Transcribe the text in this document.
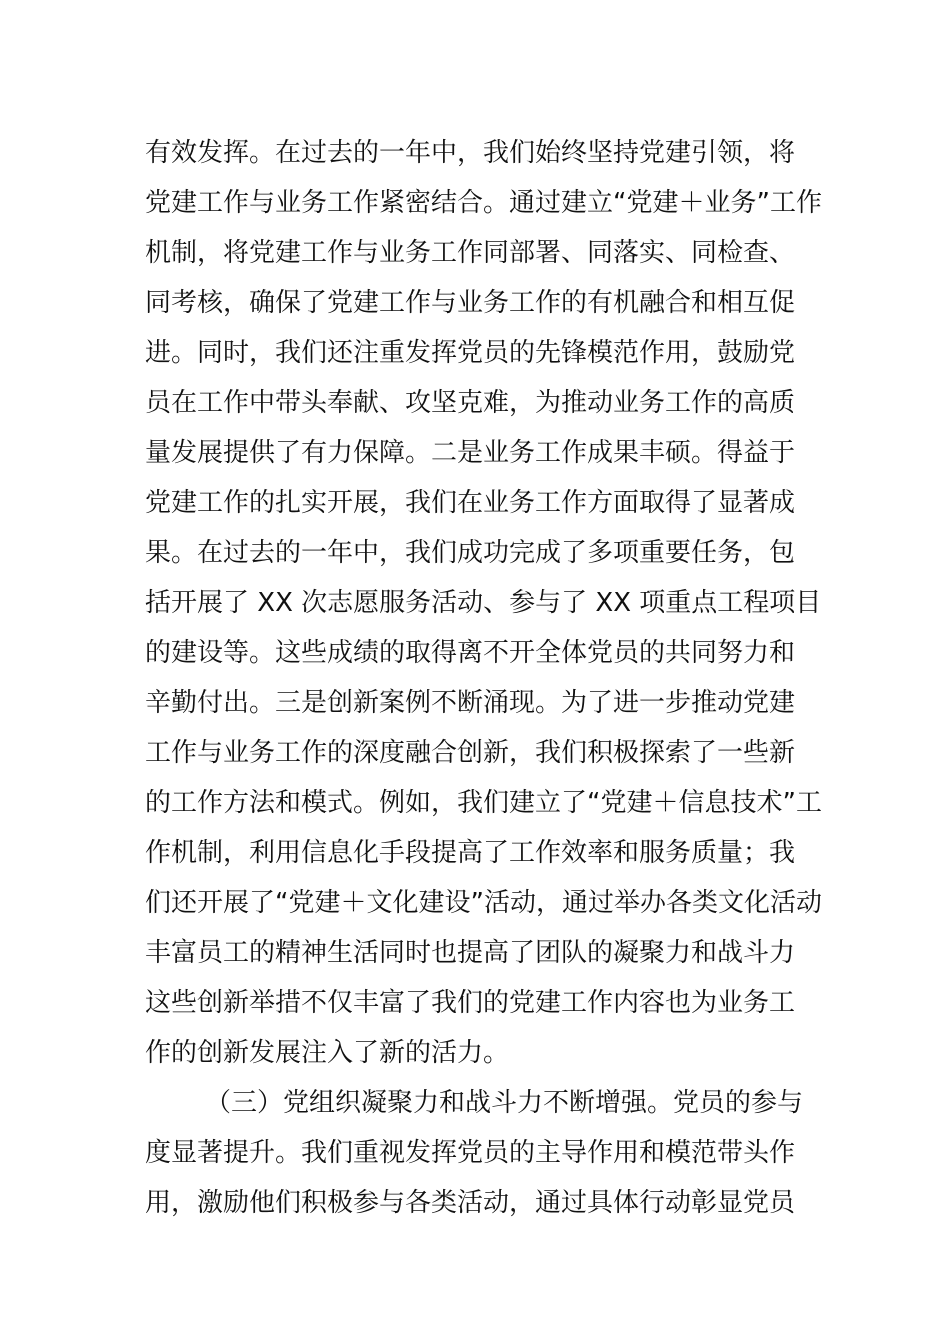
有效发挥。在过去的一年中，我们始终坚持党建引领，将
党建工作与业务工作紧密结合。通过建立“党建＋业务”工作
机制，将党建工作与业务工作同部署、同落实、同检查、
同考核，确保了党建工作与业务工作的有机融合和相互促
进。同时，我们还注重发挥党员的先锋模范作用，鼓励党
员在工作中带头奉献、攻坚克难，为推动业务工作的高质
量发展提供了有力保障。二是业务工作成果丰硕。得益于
党建工作的扎实开展，我们在业务工作方面取得了显著成
果。在过去的一年中，我们成功完成了多项重要任务，包
括开展了 XX 次志愿服务活动、参与了 XX 项重点工程项目
的建设等。这些成绩的取得离不开全体党员的共同努力和
辛勤付出。三是创新案例不断涌现。为了进一步推动党建
工作与业务工作的深度融合创新，我们积极探索了一些新
的工作方法和模式。例如，我们建立了“党建＋信息技术”工
作机制，利用信息化手段提高了工作效率和服务质量；我
们还开展了“党建＋文化建设”活动，通过举办各类文化活动
丰富员工的精神生活同时也提高了团队的凝聚力和战斗力
这些创新举措不仅丰富了我们的党建工作内容也为业务工
作的创新发展注入了新的活力。
（三）党组织凝聚力和战斗力不断增强。党员的参与
度显著提升。我们重视发挥党员的主导作用和模范带头作
用，激励他们积极参与各类活动，通过具体行动彰显党员
